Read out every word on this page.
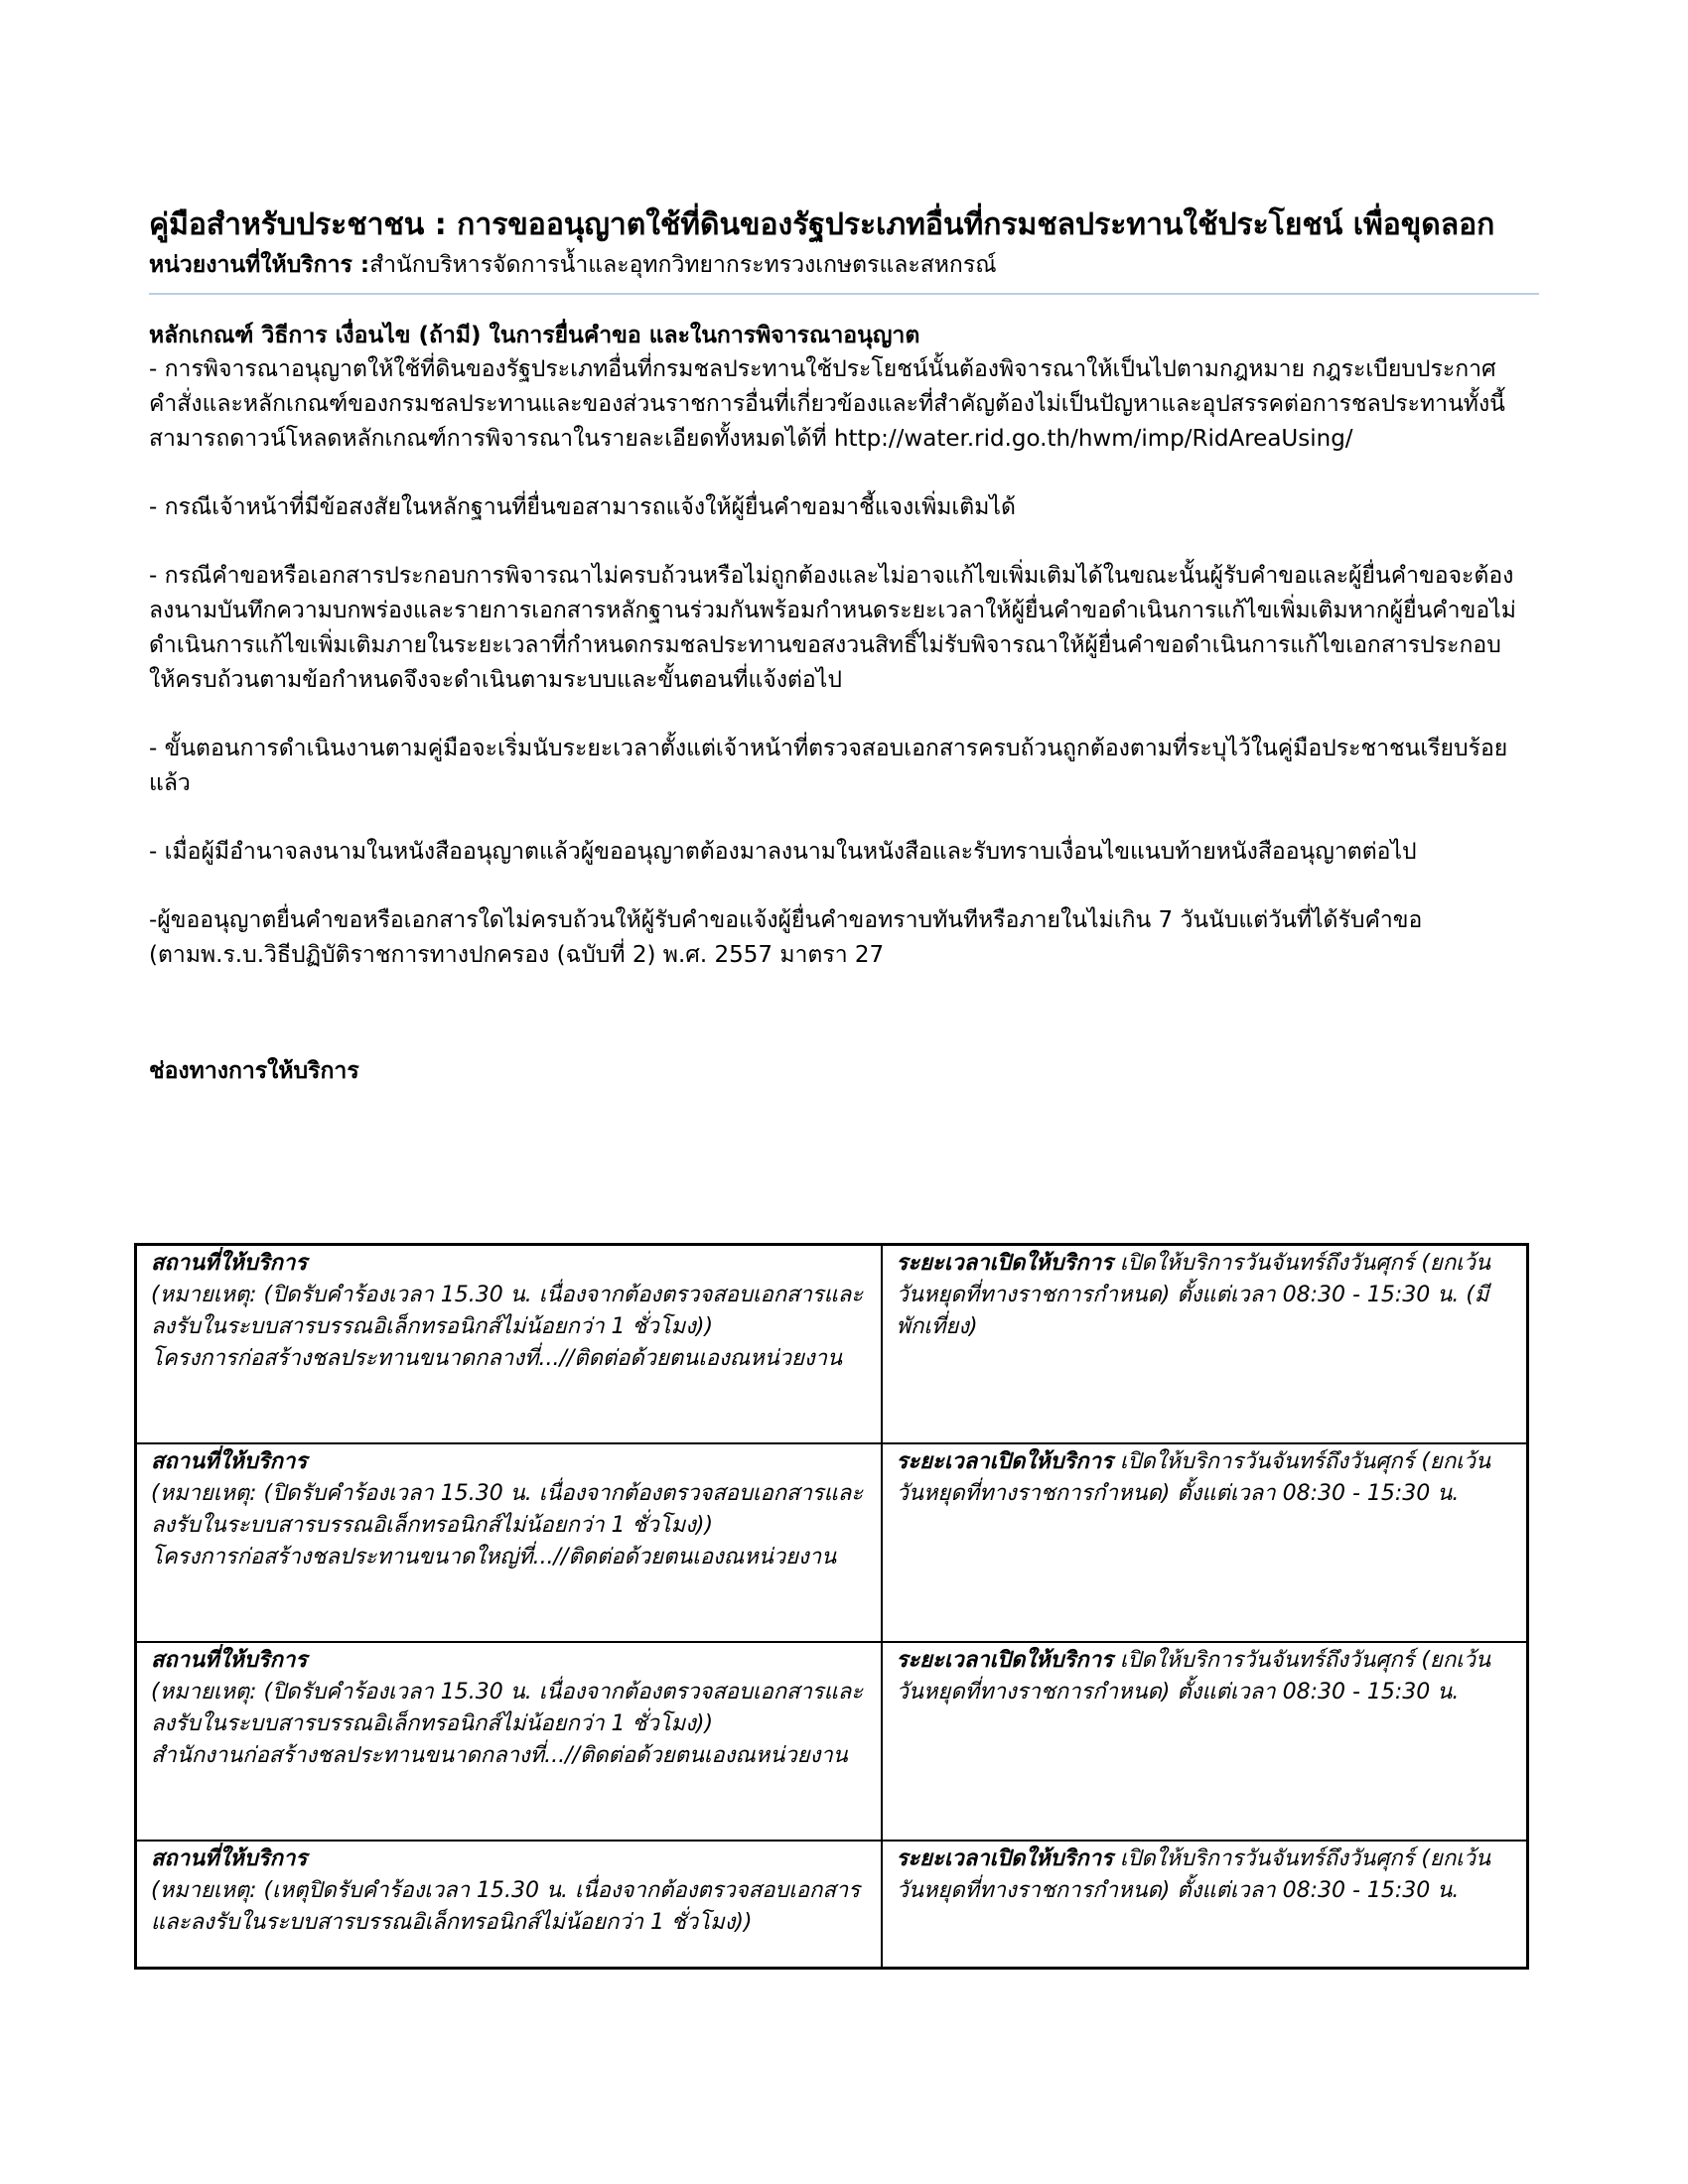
คู่มือสำหรับประชาชน : การขออนุญาตใช้ที่ดินของรัฐประเภทอื่นที่กรมชลประทานใช้ประโยชน์ เพื่อขุดลอก

หน่วยงานที่ให้บริการ :สำนักบริหารจัดการน้ำและอุทกวิทยากระทรวงเกษตรและสหกรณ์

หลักเกณฑ์ วิธีการ เงื่อนไข (ถ้ามี) ในการยื่นคำขอ และในการพิจารณาอนุญาต

- การพิจารณาอนุญาตให้ใช้ที่ดินของรัฐประเภทอื่นที่กรมชลประทานใช้ประโยชน์นั้นต้องพิจารณาให้เป็นไปตามกฎหมาย กฎระเบียบประกาศคำสั่งและหลักเกณฑ์ของกรมชลประทานและของส่วนราชการอื่นที่เกี่ยวข้องและที่สำคัญต้องไม่เป็นปัญหาและอุปสรรคต่อการชลประทานทั้งนี้สามารถดาวน์โหลดหลักเกณฑ์การพิจารณาในรายละเอียดทั้งหมดได้ที่ http://water.rid.go.th/hwm/imp/RidAreaUsing/

- กรณีเจ้าหน้าที่มีข้อสงสัยในหลักฐานที่ยื่นขอสามารถแจ้งให้ผู้ยื่นคำขอมาชี้แจงเพิ่มเติมได้

- กรณีคำขอหรือเอกสารประกอบการพิจารณาไม่ครบถ้วนหรือไม่ถูกต้องและไม่อาจแก้ไขเพิ่มเติมได้ในขณะนั้นผู้รับคำขอและผู้ยื่นคำขอจะต้องลงนามบันทึกความบกพร่องและรายการเอกสารหลักฐานร่วมกันพร้อมกำหนดระยะเวลาให้ผู้ยื่นคำขอดำเนินการแก้ไขเพิ่มเติมหากผู้ยื่นคำขอไม่ดำเนินการแก้ไขเพิ่มเติมภายในระยะเวลาที่กำหนดกรมชลประทานขอสงวนสิทธิ์ไม่รับพิจารณาให้ผู้ยื่นคำขอดำเนินการแก้ไขเอกสารประกอบให้ครบถ้วนตามข้อกำหนดจึงจะดำเนินตามระบบและขั้นตอนที่แจ้งต่อไป

- ขั้นตอนการดำเนินงานตามคู่มือจะเริ่มนับระยะเวลาตั้งแต่เจ้าหน้าที่ตรวจสอบเอกสารครบถ้วนถูกต้องตามที่ระบุไว้ในคู่มือประชาชนเรียบร้อยแล้ว

- เมื่อผู้มีอำนาจลงนามในหนังสืออนุญาตแล้วผู้ขออนุญาตต้องมาลงนามในหนังสือและรับทราบเงื่อนไขแนบท้ายหนังสืออนุญาตต่อไป

-ผู้ขออนุญาตยื่นคำขอหรือเอกสารใดไม่ครบถ้วนให้ผู้รับคำขอแจ้งผู้ยื่นคำขอทราบทันทีหรือภายในไม่เกิน 7 วันนับแต่วันที่ได้รับคำขอ (ตามพ.ร.บ.วิธีปฏิบัติราชการทางปกครอง (ฉบับที่ 2) พ.ศ. 2557 มาตรา 27

ช่องทางการให้บริการ

สถานที่ให้บริการ
(หมายเหตุ: (ปิดรับคำร้องเวลา 15.30 น. เนื่องจากต้องตรวจสอบเอกสารและลงรับในระบบสารบรรณอิเล็กทรอนิกส์ไม่น้อยกว่า 1 ชั่วโมง))
โครงการก่อสร้างชลประทานขนาดกลางที่...//ติดต่อด้วยตนเองณหน่วยงาน	ระยะเวลาเปิดให้บริการ เปิดให้บริการวันจันทร์ถึงวันศุกร์ (ยกเว้นวันหยุดที่ทางราชการกำหนด) ตั้งแต่เวลา 08:30 - 15:30 น. (มีพักเที่ยง)

สถานที่ให้บริการ
(หมายเหตุ: (ปิดรับคำร้องเวลา 15.30 น. เนื่องจากต้องตรวจสอบเอกสารและลงรับในระบบสารบรรณอิเล็กทรอนิกส์ไม่น้อยกว่า 1 ชั่วโมง))
โครงการก่อสร้างชลประทานขนาดใหญ่ที่...//ติดต่อด้วยตนเองณหน่วยงาน	ระยะเวลาเปิดให้บริการ เปิดให้บริการวันจันทร์ถึงวันศุกร์ (ยกเว้นวันหยุดที่ทางราชการกำหนด) ตั้งแต่เวลา 08:30 - 15:30 น.

สถานที่ให้บริการ
(หมายเหตุ: (ปิดรับคำร้องเวลา 15.30 น. เนื่องจากต้องตรวจสอบเอกสารและลงรับในระบบสารบรรณอิเล็กทรอนิกส์ไม่น้อยกว่า 1 ชั่วโมง))
สำนักงานก่อสร้างชลประทานขนาดกลางที่...//ติดต่อด้วยตนเองณหน่วยงาน	ระยะเวลาเปิดให้บริการ เปิดให้บริการวันจันทร์ถึงวันศุกร์ (ยกเว้นวันหยุดที่ทางราชการกำหนด) ตั้งแต่เวลา 08:30 - 15:30 น.

สถานที่ให้บริการ
(หมายเหตุ: (เหตุปิดรับคำร้องเวลา 15.30 น. เนื่องจากต้องตรวจสอบเอกสารและลงรับในระบบสารบรรณอิเล็กทรอนิกส์ไม่น้อยกว่า 1 ชั่วโมง))	ระยะเวลาเปิดให้บริการ เปิดให้บริการวันจันทร์ถึงวันศุกร์ (ยกเว้นวันหยุดที่ทางราชการกำหนด) ตั้งแต่เวลา 08:30 - 15:30 น.
